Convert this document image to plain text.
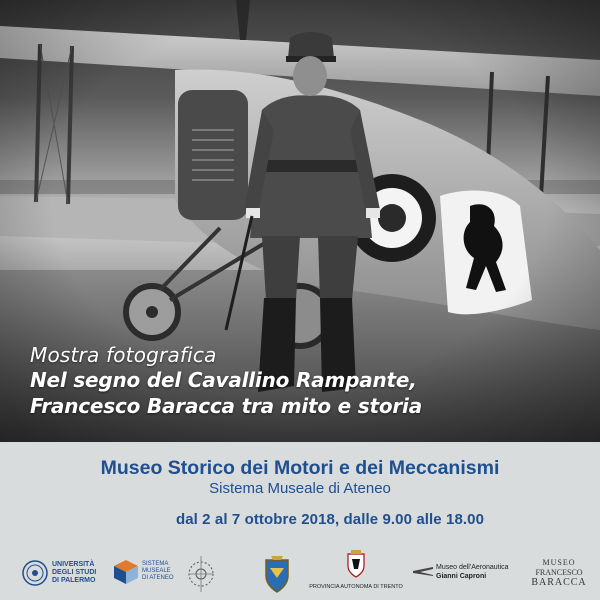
Mostra fotografica
Nel segno del Cavallino Rampante,
Francesco Baracca tra mito e storia
Museo Storico dei Motori e dei Meccanismi
Sistema Museale di Ateneo
dal 2 al 7 ottobre 2018, dalle 9.00 alle 18.00
UNIVERSITÀ
DEGLI STUDI
DI PALERMO
SISTEMA
MUSEALE
DI ATENEO
PROVINCIA AUTONOMA DI TRENTO
Museo dell'Aeronautica
Gianni Caproni
MUSEO
FRANCESCO
BARACCA
